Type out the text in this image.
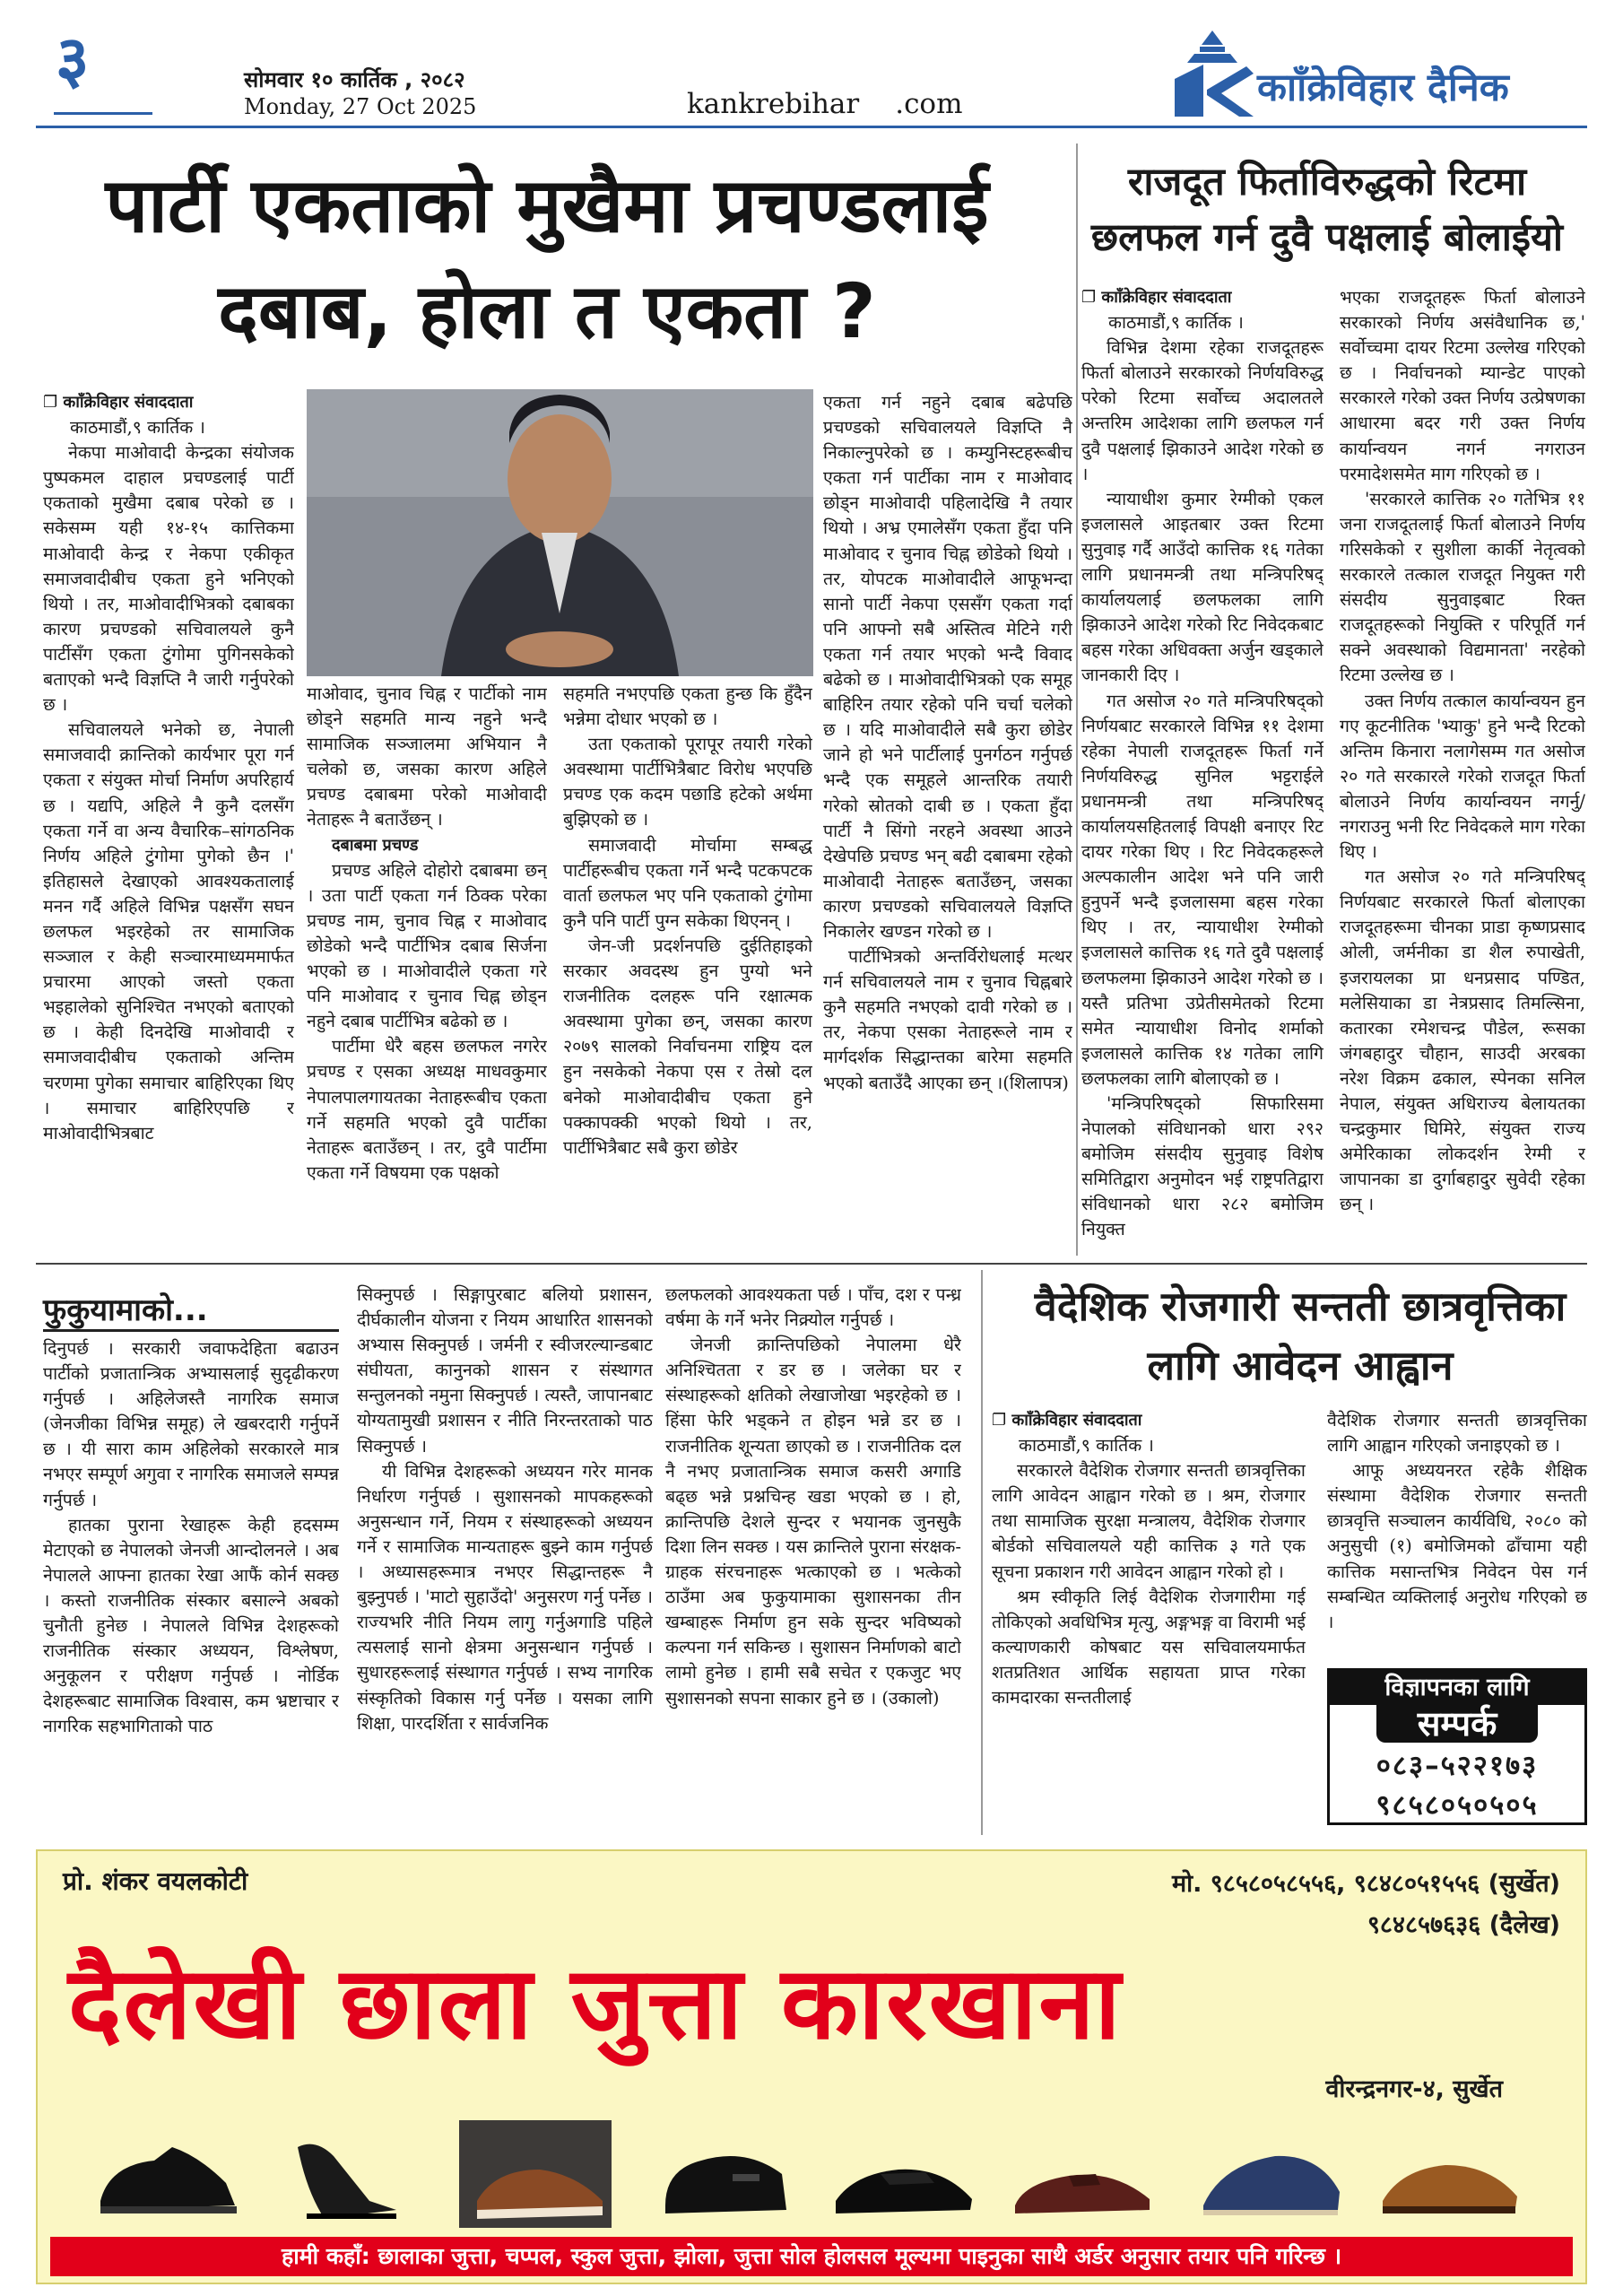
३	सोमवार १० कार्तिक , २०८२
Monday, 27 Oct 2025	kankrebihar .com	कााँक्रेविहार दैनिक
पार्टी एकताको मुखैमा प्रचण्डलाई दबाब, होला त एकता ?

❐ कााँक्रेविहार संवाददाता

काठमाडौं,९ कार्तिक ।

नेकपा माओवादी केन्द्रका संयोजक पुष्पकमल दाहाल प्रचण्डलाई पार्टी एकताको मुखैमा दबाब परेको छ । सकेसम्म यही १४-१५ कात्तिकमा माओवादी केन्द्र र नेकपा एकीकृत समाजवादीबीच एकता हुने भनिएको थियो । तर, माओवादीभित्रको दबाबका कारण प्रचण्डको सचिवालयले कुनै पार्टीसँग एकता टुंगोमा पुगिनसकेको बताएको भन्दै विज्ञप्ति नै जारी गर्नुपरेको छ ।

सचिवालयले भनेको छ, नेपाली समाजवादी क्रान्तिको कार्यभार पूरा गर्न एकता र संयुक्त मोर्चा निर्माण अपरिहार्य छ । यद्यपि, अहिले नै कुनै दलसँग एकता गर्ने वा अन्य वैचारिक–सांगठनिक निर्णय अहिले टुंगोमा पुगेको छैन ।' इतिहासले देखाएको आवश्यकतालाई मनन गर्दै अहिले विभिन्न पक्षसँग सघन छलफल भइरहेको तर सामाजिक सञ्जाल र केही सञ्चारमाध्यममार्फत प्रचारमा आएको जस्तो एकता भइहालेको सुनिश्चित नभएको बताएको छ । केही दिनदेखि माओवादी र समाजवादीबीच एकताको अन्तिम चरणमा पुगेका समाचार बाहिरिएका थिए । समाचार बाहिरिएपछि र माओवादीभित्रबाट

माओवाद, चुनाव चिह्न र पार्टीको नाम छोड्ने सहमति मान्य नहुने भन्दै सामाजिक सञ्जालमा अभियान नै चलेको छ, जसका कारण अहिले प्रचण्ड दबाबमा परेको माओवादी नेताहरू नै बताउँछन् ।

दबाबमा प्रचण्ड

प्रचण्ड अहिले दोहोरो दबाबमा छन् । उता पार्टी एकता गर्न ठिक्क परेका प्रचण्ड नाम, चुनाव चिह्न र माओवाद छोडेको भन्दै पार्टीभित्र दबाब सिर्जना भएको छ । माओवादीले एकता गरे पनि माओवाद र चुनाव चिह्न छोड्न नहुने दबाब पार्टीभित्र बढेको छ ।

पार्टीमा धेरै बहस छलफल नगरेर प्रचण्ड र एसका अध्यक्ष माधवकुमार नेपालपालगायतका नेताहरूबीच एकता गर्ने सहमति भएको दुवै पार्टीका नेताहरू बताउँछन् । तर, दुवै पार्टीमा एकता गर्ने विषयमा एक पक्षको

सहमति नभएपछि एकता हुन्छ कि हुँदैन भन्नेमा दोधार भएको छ ।

उता एकताको पूरापूर तयारी गरेको अवस्थामा पार्टीभित्रैबाट विरोध भएपछि प्रचण्ड एक कदम पछाडि हटेको अर्थमा बुझिएको छ ।

समाजवादी मोर्चामा सम्बद्ध पार्टीहरूबीच एकता गर्ने भन्दै पटकपटक वार्ता छलफल भए पनि एकताको टुंगोमा कुनै पनि पार्टी पुग्न सकेका थिएनन् ।

जेन-जी प्रदर्शनपछि दुईतिहाइको सरकार अवदस्थ हुन पुग्यो भने राजनीतिक दलहरू पनि रक्षात्मक अवस्थामा पुगेका छन्, जसका कारण २०७९ सालको निर्वाचनमा राष्ट्रिय दल हुन नसकेको नेकपा एस र तेस्रो दल बनेको माओवादीबीच एकता हुने पक्कापक्की भएको थियो । तर, पार्टीभित्रैबाट सबै कुरा छोडेर

एकता गर्न नहुने दबाब बढेपछि प्रचण्डको सचिवालयले विज्ञप्ति नै निकाल्नुपरेको छ । कम्युनिस्टहरूबीच एकता गर्न पार्टीका नाम र माओवाद छोड्न माओवादी पहिलादेखि नै तयार थियो । अभ्र एमालेसँग एकता हुँदा पनि माओवाद र चुनाव चिह्न छोडेको थियो । तर, योपटक माओवादीले आफूभन्दा सानो पार्टी नेकपा एससँग एकता गर्दा पनि आफ्नो सबै अस्तित्व मेटिने गरी एकता गर्न तयार भएको भन्दै विवाद बढेको छ । माओवादीभित्रको एक समूह बाहिरिन तयार रहेको पनि चर्चा चलेको छ । यदि माओवादीले सबै कुरा छोडेर जाने हो भने पार्टीलाई पुनर्गठन गर्नुपर्छ भन्दै एक समूहले आन्तरिक तयारी गरेको स्रोतको दाबी छ । एकता हुँदा पार्टी नै सिंगो नरहने अवस्था आउने देखेपछि प्रचण्ड भन् बढी दबाबमा रहेको माओवादी नेताहरू बताउँछन्, जसका कारण प्रचण्डको सचिवालयले विज्ञप्ति निकालेर खण्डन गरेको छ ।

पार्टीभित्रको अन्तर्विरोधलाई मत्थर गर्न सचिवालयले नाम र चुनाव चिह्नबारे कुनै सहमति नभएको दावी गरेको छ । तर, नेकपा एसका नेताहरूले नाम र मार्गदर्शक सिद्धान्तका बारेमा सहमति भएको बताउँदै आएका छन् ।(शिलापत्र)

राजदूत फिर्ताविरुद्धको रिटमा छलफल गर्न दुवै पक्षलाई बोलाईयो

❐ कााँक्रेविहार संवाददाता

काठमाडौं,९ कार्तिक ।

विभिन्न देशमा रहेका राजदूतहरू फिर्ता बोलाउने सरकारको निर्णयविरुद्ध परेको रिटमा सर्वोच्च अदालतले अन्तरिम आदेशका लागि छलफल गर्न दुवै पक्षलाई झिकाउने आदेश गरेको छ ।

न्यायाधीश कुमार रेग्मीको एकल इजलासले आइतबार उक्त रिटमा सुनुवाइ गर्दै आउँदो कात्तिक १६ गतेका लागि प्रधानमन्त्री तथा मन्त्रिपरिषद् कार्यालयलाई छलफलका लागि झिकाउने आदेश गरेको रिट निवेदकबाट बहस गरेका अधिवक्ता अर्जुन खड्काले जानकारी दिए ।

गत असोज २० गते मन्त्रिपरिषद्को निर्णयबाट सरकारले विभिन्न ११ देशमा रहेका नेपाली राजदूतहरू फिर्ता गर्ने निर्णयविरुद्ध सुनिल भट्टराईले प्रधानमन्त्री तथा मन्त्रिपरिषद् कार्यालयसहितलाई विपक्षी बनाएर रिट दायर गरेका थिए । रिट निवेदकहरूले अल्पकालीन आदेश भने पनि जारी हुनुपर्ने भन्दै इजलासमा बहस गरेका थिए । तर, न्यायाधीश रेग्मीको इजलासले कात्तिक १६ गते दुवै पक्षलाई छलफलमा झिकाउने आदेश गरेको छ । यस्तै प्रतिभा उप्रेतीसमेतको रिटमा समेत न्यायाधीश विनोद शर्माको इजलासले कात्तिक १४ गतेका लागि छलफलका लागि बोलाएको छ ।

'मन्त्रिपरिषद्को सिफारिसमा नेपालको संविधानको धारा २९२ बमोजिम संसदीय सुनुवाइ विशेष समितिद्वारा अनुमोदन भई राष्ट्रपतिद्वारा संविधानको धारा २८२ बमोजिम नियुक्त

भएका राजदूतहरू फिर्ता बोलाउने सरकारको निर्णय असंवैधानिक छ,' सर्वोच्चमा दायर रिटमा उल्लेख गरिएको छ । निर्वाचनको म्यान्डेट पाएको सरकारले गरेको उक्त निर्णय उत्प्रेषणका आधारमा बदर गरी उक्त निर्णय कार्यान्वयन नगर्न नगराउन परमादेशसमेत माग गरिएको छ ।

'सरकारले कात्तिक २० गतेभित्र ११ जना राजदूतलाई फिर्ता बोलाउने निर्णय गरिसकेको र सुशीला कार्की नेतृत्वको सरकारले तत्काल राजदूत नियुक्त गरी संसदीय सुनुवाइबाट रिक्त राजदूतहरूको नियुक्ति र परिपूर्ति गर्न सक्ने अवस्थाको विद्यमानता' नरहेको रिटमा उल्लेख छ ।

उक्त निर्णय तत्काल कार्यान्वयन हुन गए कूटनीतिक 'भ्याकु' हुने भन्दै रिटको अन्तिम किनारा नलागेसम्म गत असोज २० गते सरकारले गरेको राजदूत फिर्ता बोलाउने निर्णय कार्यान्वयन नगर्नु/नगराउनु भनी रिट निवेदकले माग गरेका थिए ।

गत असोज २० गते मन्त्रिपरिषद् निर्णयबाट सरकारले फिर्ता बोलाएका राजदूतहरूमा चीनका प्राडा कृष्णप्रसाद ओली, जर्मनीका डा शैल रुपाखेती, इजरायलका प्रा धनप्रसाद पण्डित, मलेसियाका डा नेत्रप्रसाद तिमल्सिना, कतारका रमेशचन्द्र पौडेल, रूसका जंगबहादुर चौहान, साउदी अरबका नरेश विक्रम ढकाल, स्पेनका सनिल नेपाल, संयुक्त अधिराज्य बेलायतका चन्द्रकुमार घिमिरे, संयुक्त राज्य अमेरिकाका लोकदर्शन रेग्मी र जापानका डा दुर्गाबहादुर सुवेदी रहेका छन् ।

फुकुयामाको...

दिनुपर्छ । सरकारी जवाफदेहिता बढाउन पार्टीको प्रजातान्त्रिक अभ्यासलाई सुदृढीकरण गर्नुपर्छ । अहिलेजस्तै नागरिक समाज (जेनजीका विभिन्न समूह) ले खबरदारी गर्नुपर्ने छ । यी सारा काम अहिलेको सरकारले मात्र नभएर सम्पूर्ण अगुवा र नागरिक समाजले सम्पन्न गर्नुपर्छ ।

हातका पुराना रेखाहरू केही हदसम्म मेटाएको छ नेपालको जेनजी आन्दोलनले । अब नेपालले आफ्ना हातका रेखा आफैं कोर्न सक्छ । कस्तो राजनीतिक संस्कार बसाल्ने अबको चुनौती हुनेछ । नेपालले विभिन्न देशहरूको राजनीतिक संस्कार अध्ययन, विश्लेषण, अनुकूलन र परीक्षण गर्नुपर्छ । नोर्डिक देशहरूबाट सामाजिक विश्वास, कम भ्रष्टाचार र नागरिक सहभागिताको पाठ

सिक्नुपर्छ । सिङ्गापुरबाट बलियो प्रशासन, दीर्घकालीन योजना र नियम आधारित शासनको अभ्यास सिक्नुपर्छ । जर्मनी र स्वीजरल्यान्डबाट संघीयता, कानुनको शासन र संस्थागत सन्तुलनको नमुना सिक्नुपर्छ । त्यस्तै, जापानबाट योग्यतामुखी प्रशासन र नीति निरन्तरताको पाठ सिक्नुपर्छ ।

यी विभिन्न देशहरूको अध्ययन गरेर मानक निर्धारण गर्नुपर्छ । सुशासनको मापकहरूको अनुसन्धान गर्ने, नियम र संस्थाहरूको अध्ययन गर्ने र सामाजिक मान्यताहरू बुझ्ने काम गर्नुपर्छ । अध्यासहरूमात्र नभएर सिद्धान्तहरू नै बुझ्नुपर्छ । 'माटो सुहाउँदो' अनुसरण गर्नु पर्नेछ । राज्यभरि नीति नियम लागु गर्नुअगाडि पहिले त्यसलाई सानो क्षेत्रमा अनुसन्धान गर्नुपर्छ । सुधारहरूलाई संस्थागत गर्नुपर्छ । सभ्य नागरिक संस्कृतिको विकास गर्नु पर्नेछ । यसका लागि शिक्षा, पारदर्शिता र सार्वजनिक

छलफलको आवश्यकता पर्छ । पाँच, दश र पन्ध्र वर्षमा के गर्ने भनेर निक्र्योल गर्नुपर्छ ।

जेनजी क्रान्तिपछिको नेपालमा धेरै अनिश्चितता र डर छ । जलेका घर र संस्थाहरूको क्षतिको लेखाजोखा भइरहेको छ । हिंसा फेरि भड्कने त होइन भन्ने डर छ । राजनीतिक शून्यता छाएको छ । राजनीतिक दल नै नभए प्रजातान्त्रिक समाज कसरी अगाडि बढ्छ भन्ने प्रश्नचिन्ह खडा भएको छ । हो, क्रान्तिपछि देशले सुन्दर र भयानक जुनसुकै दिशा लिन सक्छ । यस क्रान्तिले पुराना संरक्षक-ग्राहक संरचनाहरू भत्काएको छ । भत्केको ठाउँमा अब फुकुयामाका सुशासनका तीन खम्बाहरू निर्माण हुन सके सुन्दर भविष्यको कल्पना गर्न सकिन्छ । सुशासन निर्माणको बाटो लामो हुनेछ । हामी सबै सचेत र एकजुट भए सुशासनको सपना साकार हुने छ । (उकालो)

वैदेशिक रोजगारी सन्तती छात्रवृत्तिका लागि आवेदन आह्वान

❐ कााँक्रेविहार संवाददाता

काठमाडौं,९ कार्तिक ।

सरकारले वैदेशिक रोजगार सन्तती छात्रवृत्तिका लागि आवेदन आह्वान गरेको छ । श्रम, रोजगार तथा सामाजिक सुरक्षा मन्त्रालय, वैदेशिक रोजगार बोर्डको सचिवालयले यही कात्तिक ३ गते एक सूचना प्रकाशन गरी आवेदन आह्वान गरेको हो ।

श्रम स्वीकृति लिई वैदेशिक रोजगारीमा गई तोकिएको अवधिभित्र मृत्यु, अङ्गभङ्ग वा विरामी भई कल्याणकारी कोषबाट यस सचिवालयमार्फत शतप्रतिशत आर्थिक सहायता प्राप्त गरेका कामदारका सन्ततीलाई

वैदेशिक रोजगार सन्तती छात्रवृत्तिका लागि आह्वान गरिएको जनाइएको छ ।

आफू अध्ययनरत रहेकै शैक्षिक संस्थामा वैदेशिक रोजगार सन्तती छात्रवृत्ति सञ्चालन कार्यविधि, २०८० को अनुसुची (१) बमोजिमको ढाँचामा यही कात्तिक मसान्तभित्र निवेदन पेस गर्न सम्बन्धित व्यक्तिलाई अनुरोध गरिएको छ ।

विज्ञापनका लागि
सम्पर्क
०८३–५२२१७३
९८५८०५०५०५
प्रो. शंकर वयलकोटी	मो. ९८५८०५८५५६, ९८४८०५१५५६ (सुर्खेत)
९८४८५७६३६ (दैलेख)
दैलेखी छाला जुत्ता कारखाना
वीरन्द्रनगर-४, सुर्खेत
हामी कहाँ: छालाका जुत्ता, चप्पल, स्कुल जुत्ता, झोला, जुत्ता सोल होलसल मूल्यमा पाइनुका साथै अर्डर अनुसार तयार पनि गरिन्छ ।
